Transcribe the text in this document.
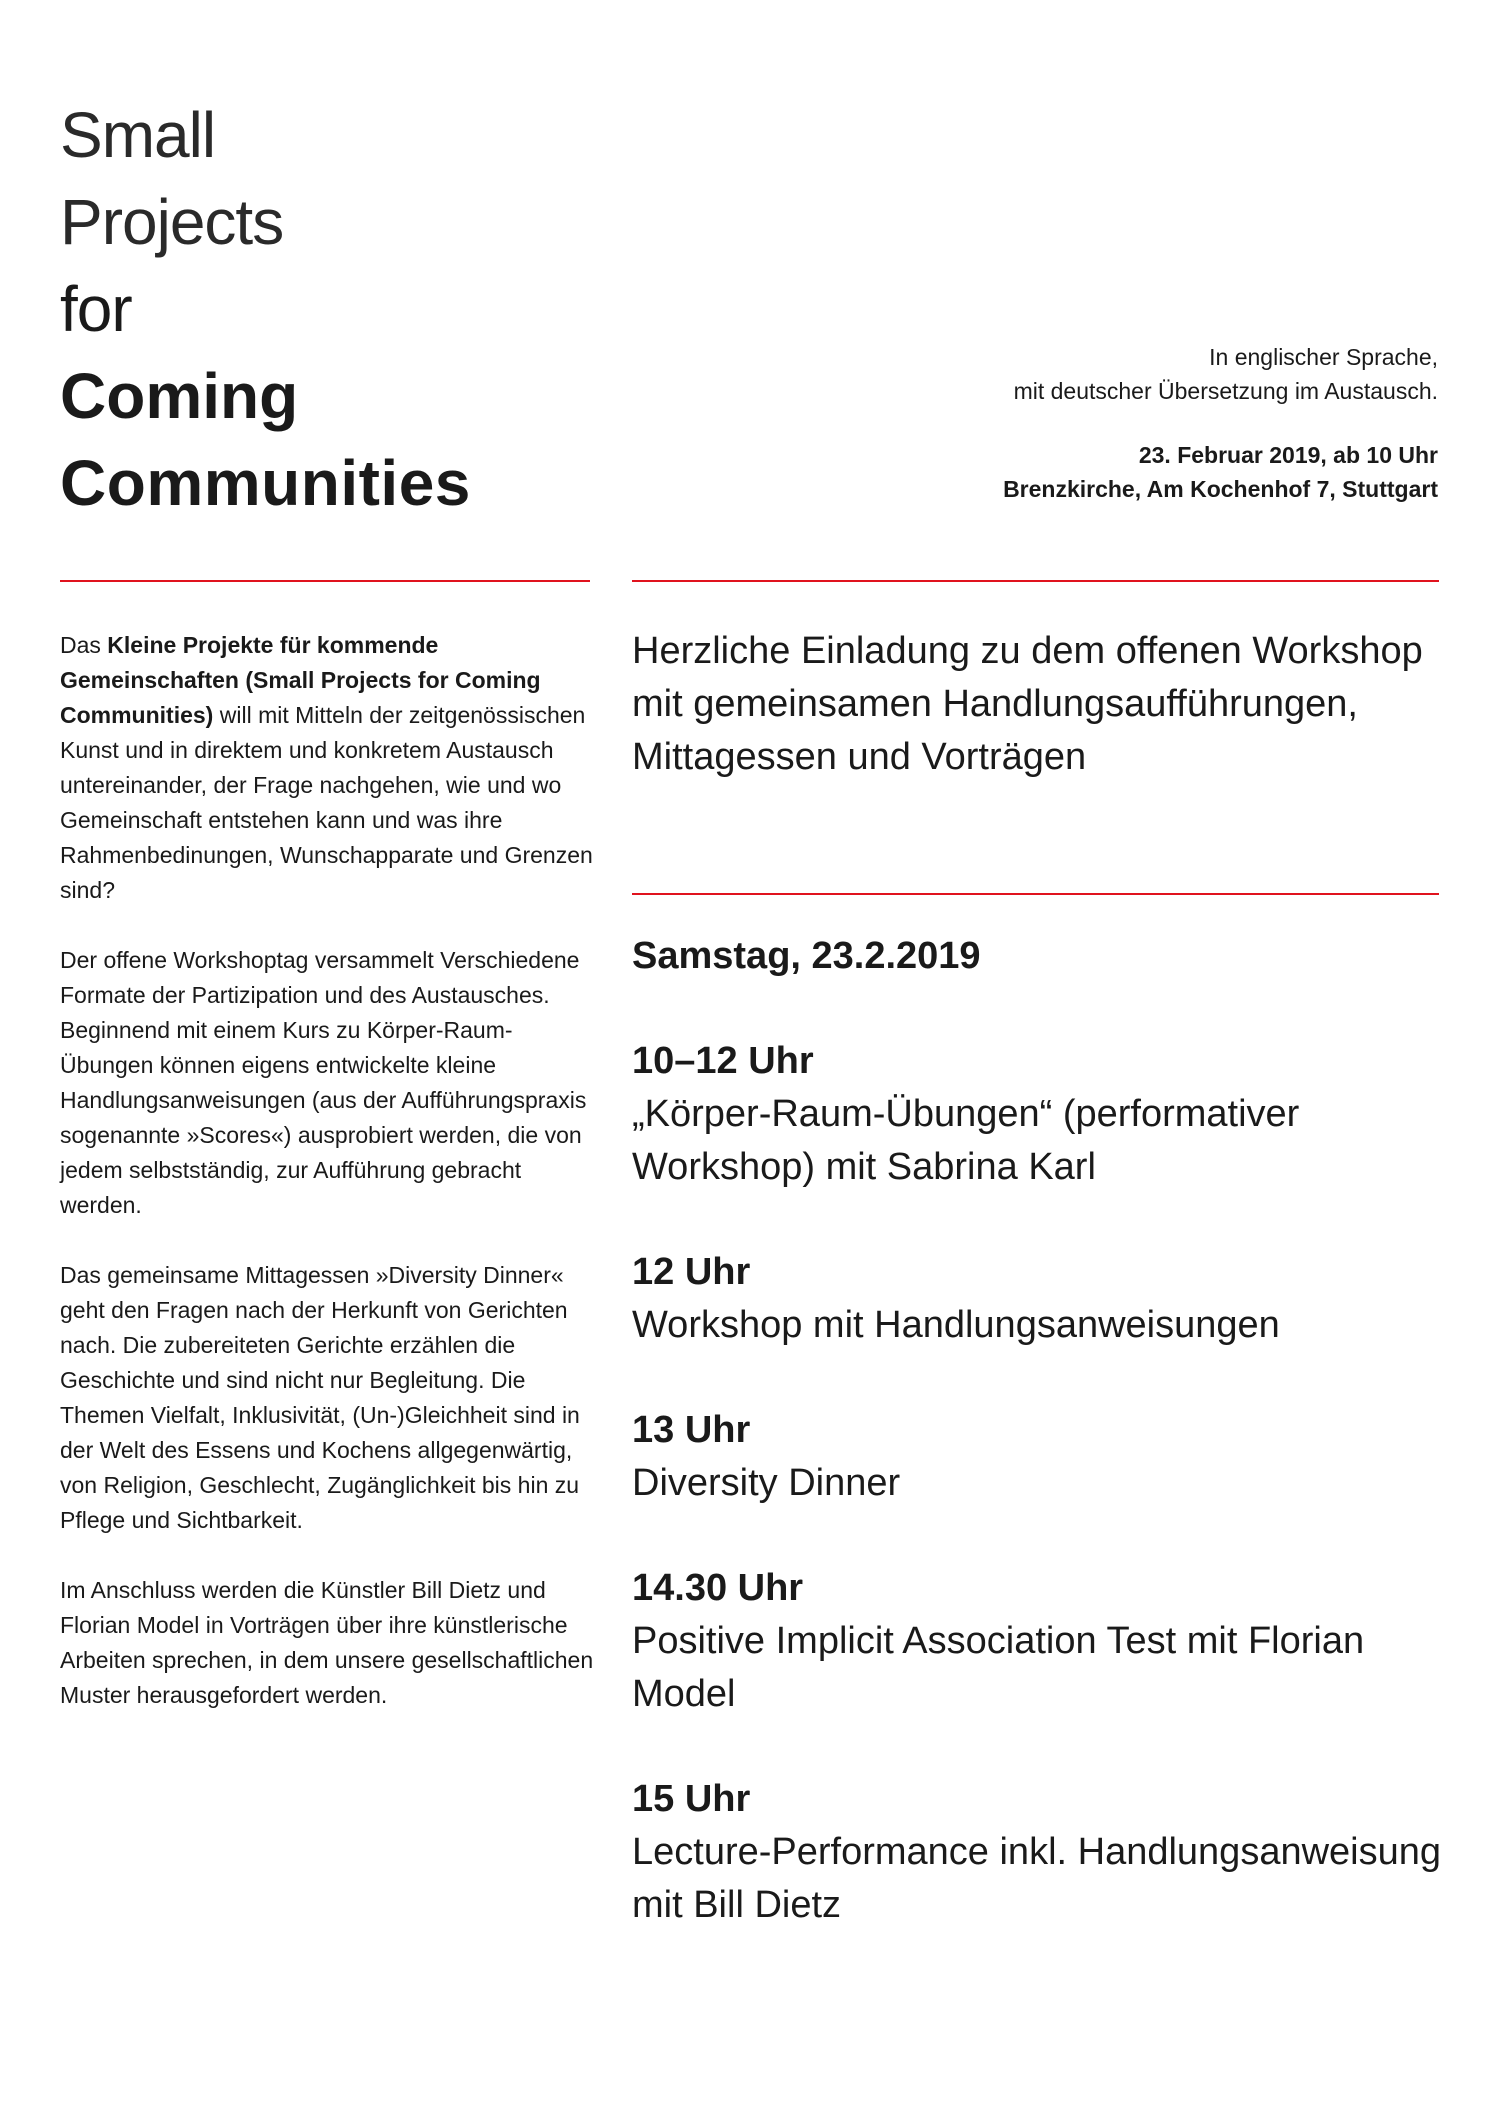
Small
Projects
for
Coming
Communities
In englischer Sprache,
mit deutscher Übersetzung im Austausch.
23. Februar 2019, ab 10 Uhr
Brenzkirche, Am Kochenhof 7, Stuttgart

Das Kleine Projekte für kommende Gemeinschaften (Small Projects for Coming Communities) will mit Mitteln der zeitgenössischen Kunst und in direktem und konkretem Austausch untereinander, der Frage nachgehen, wie und wo Gemeinschaft entstehen kann und was ihre Rahmenbedinungen, Wunschapparate und Grenzen sind?

Der offene Workshoptag versammelt Verschiedene Formate der Partizipation und des Austausches. Beginnend mit einem Kurs zu Körper-Raum-Übungen können eigens entwickelte kleine Handlungsanweisungen (aus der Aufführungspraxis sogenannte »Scores«) ausprobiert werden, die von jedem selbstständig, zur Aufführung gebracht werden.

Das gemeinsame Mittagessen »Diversity Dinner« geht den Fragen nach der Herkunft von Gerichten nach. Die zubereiteten Gerichte erzählen die Geschichte und sind nicht nur Begleitung. Die Themen Vielfalt, Inklusivität, (Un-)Gleichheit sind in der Welt des Essens und Kochens allgegenwärtig, von Religion, Geschlecht, Zugänglichkeit bis hin zu Pflege und Sichtbarkeit.

Im Anschluss werden die Künstler Bill Dietz und Florian Model in Vorträgen über ihre künstlerische Arbeiten sprechen, in dem unsere gesellschaftlichen Muster herausgefordert werden.

Herzliche Einladung zu dem offenen Workshop mit gemeinsamen Handlungsaufführungen, Mittagessen und Vorträgen
Samstag, 23.2.2019
10–12 Uhr
„Körper-Raum-Übungen“ (performativer Workshop) mit Sabrina Karl
12 Uhr
Workshop mit Handlungsanweisungen
13 Uhr
Diversity Dinner
14.30 Uhr
Positive Implicit Association Test mit Florian Model
15 Uhr
Lecture-Performance inkl. Handlungsanweisung mit Bill Dietz
